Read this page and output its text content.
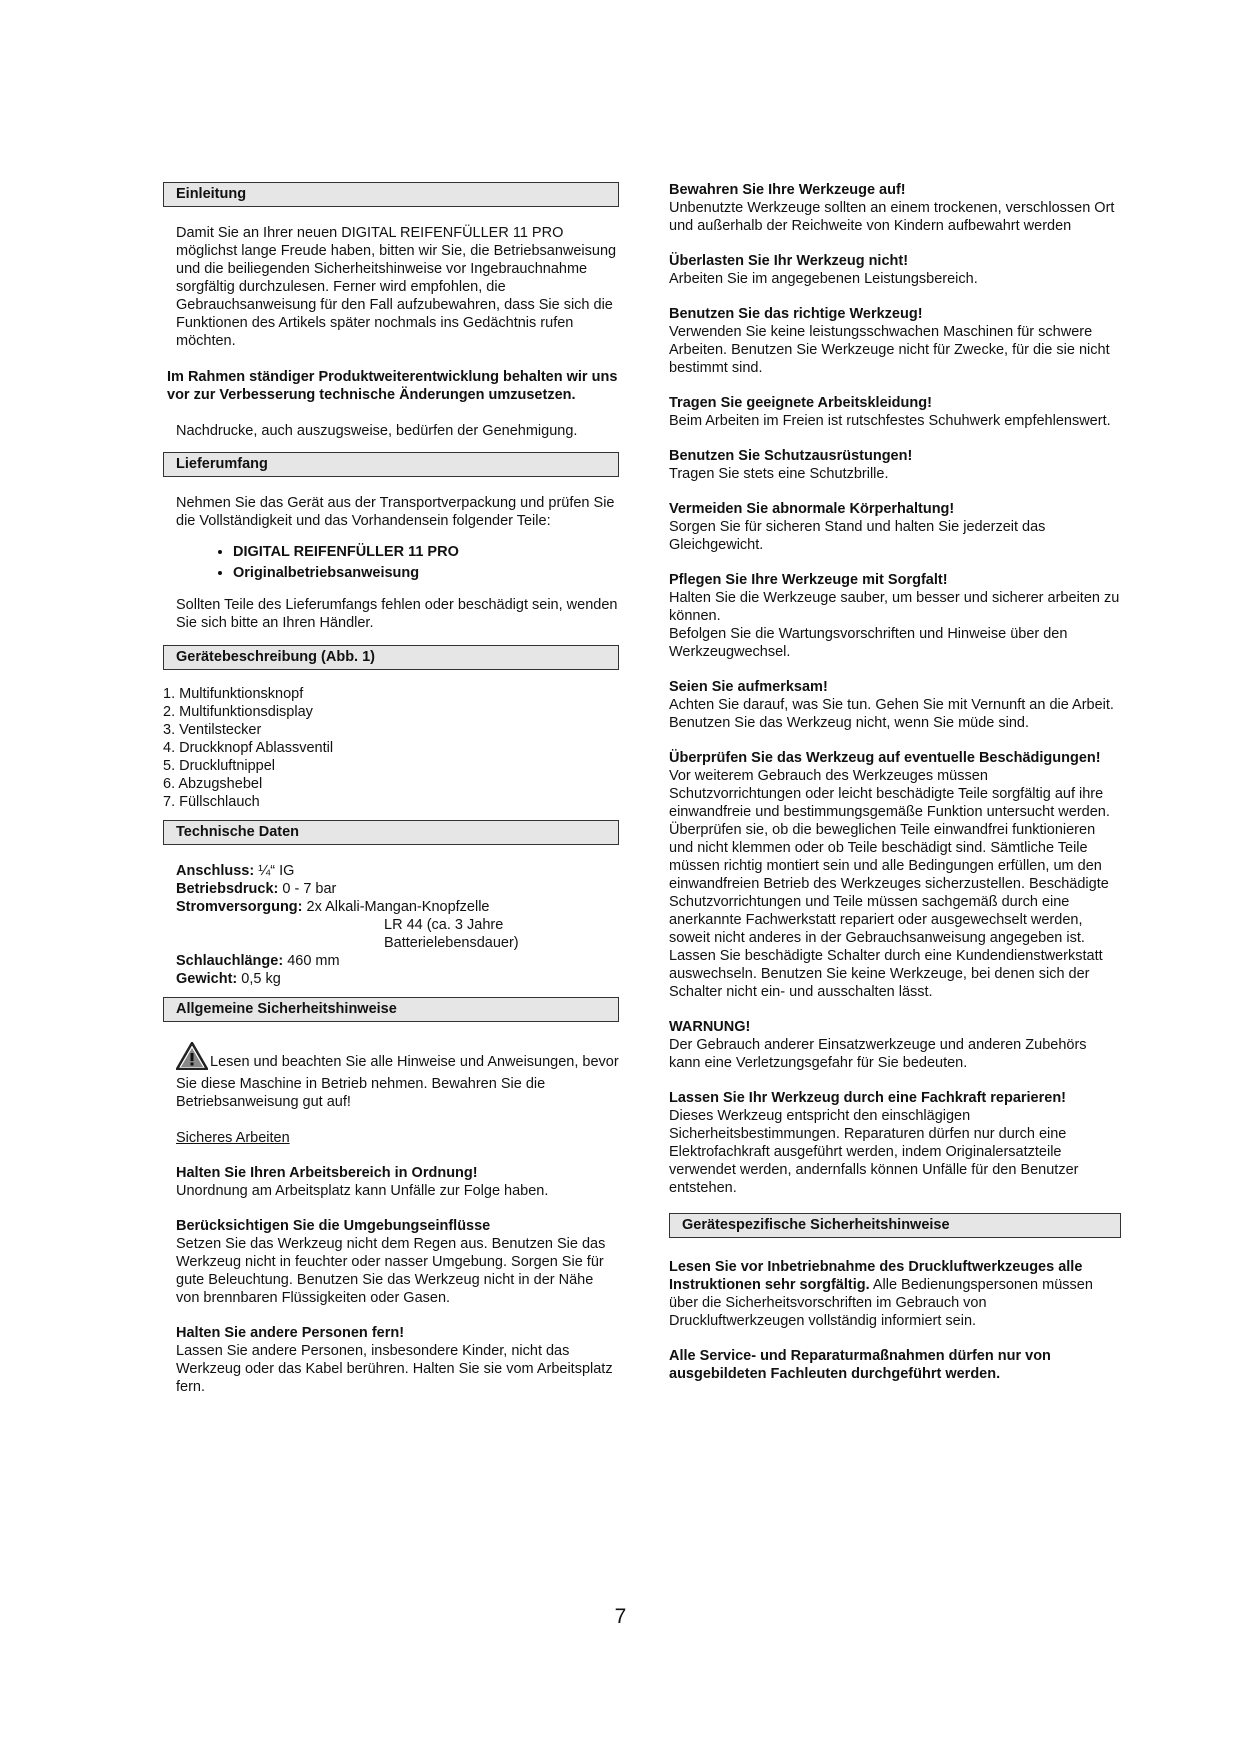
Einleitung

Damit Sie an Ihrer neuen DIGITAL REIFENFÜLLER 11 PRO möglichst lange Freude haben, bitten wir Sie, die Betriebsanweisung und die beiliegenden Sicherheitshinweise vor Ingebrauchnahme sorgfältig durchzulesen. Ferner wird empfohlen, die Gebrauchsanweisung für den Fall aufzubewahren, dass Sie sich die Funktionen des Artikels später nochmals ins Gedächtnis rufen möchten.

Im Rahmen ständiger Produktweiterentwicklung behalten wir uns vor zur Verbesserung technische Änderungen umzusetzen.

Nachdrucke, auch auszugsweise, bedürfen der Genehmigung.

Lieferumfang

Nehmen Sie das Gerät aus der Transportverpackung und prüfen Sie die Vollständigkeit und das Vorhandensein folgender Teile:

• DIGITAL REIFENFÜLLER 11 PRO
• Originalbetriebsanweisung

Sollten Teile des Lieferumfangs fehlen oder beschädigt sein, wenden Sie sich bitte an Ihren Händler.

Gerätebeschreibung (Abb. 1)
1. Multifunktionsknopf
2. Multifunktionsdisplay
3. Ventilstecker
4. Druckknopf Ablassventil
5. Druckluftnippel
6. Abzugshebel
7. Füllschlauch
Technische Daten
Anschluss: ¼“ IG
Betriebsdruck: 0 - 7 bar
Stromversorgung: 2x Alkali-Mangan-Knopfzelle
LR 44 (ca. 3 Jahre
Batterielebensdauer)
Schlauchlänge: 460 mm
Gewicht: 0,5 kg
Allgemeine Sicherheitshinweise
Lesen und beachten Sie alle Hinweise und Anweisungen, bevor Sie diese Maschine in Betrieb nehmen. Bewahren Sie die Betriebsanweisung gut auf!

Sicheres Arbeiten

Halten Sie Ihren Arbeitsbereich in Ordnung!

Unordnung am Arbeitsplatz kann Unfälle zur Folge haben.

Berücksichtigen Sie die Umgebungseinflüsse

Setzen Sie das Werkzeug nicht dem Regen aus. Benutzen Sie das Werkzeug nicht in feuchter oder nasser Umgebung. Sorgen Sie für gute Beleuchtung. Benutzen Sie das Werkzeug nicht in der Nähe von brennbaren Flüssigkeiten oder Gasen.

Halten Sie andere Personen fern!

Lassen Sie andere Personen, insbesondere Kinder, nicht das Werkzeug oder das Kabel berühren. Halten Sie sie vom Arbeitsplatz fern.

Bewahren Sie Ihre Werkzeuge auf!

Unbenutzte Werkzeuge sollten an einem trockenen, verschlossen Ort und außerhalb der Reichweite von Kindern aufbewahrt werden

Überlasten Sie Ihr Werkzeug nicht!

Arbeiten Sie im angegebenen Leistungsbereich.

Benutzen Sie das richtige Werkzeug!

Verwenden Sie keine leistungsschwachen Maschinen für schwere Arbeiten. Benutzen Sie Werkzeuge nicht für Zwecke, für die sie nicht bestimmt sind.

Tragen Sie geeignete Arbeitskleidung!

Beim Arbeiten im Freien ist rutschfestes Schuhwerk empfehlenswert.

Benutzen Sie Schutzausrüstungen!

Tragen Sie stets eine Schutzbrille.

Vermeiden Sie abnormale Körperhaltung!

Sorgen Sie für sicheren Stand und halten Sie jederzeit das Gleichgewicht.

Pflegen Sie Ihre Werkzeuge mit Sorgfalt!

Halten Sie die Werkzeuge sauber, um besser und sicherer arbeiten zu können.

Befolgen Sie die Wartungsvorschriften und Hinweise über den Werkzeugwechsel.

Seien Sie aufmerksam!

Achten Sie darauf, was Sie tun. Gehen Sie mit Vernunft an die Arbeit. Benutzen Sie das Werkzeug nicht, wenn Sie müde sind.

Überprüfen Sie das Werkzeug auf eventuelle Beschädigungen!

Vor weiterem Gebrauch des Werkzeuges müssen Schutzvorrichtungen oder leicht beschädigte Teile sorgfältig auf ihre einwandfreie und bestimmungsgemäße Funktion untersucht werden.

Überprüfen sie, ob die beweglichen Teile einwandfrei funktionieren und nicht klemmen oder ob Teile beschädigt sind. Sämtliche Teile müssen richtig montiert sein und alle Bedingungen erfüllen, um den einwandfreien Betrieb des Werkzeuges sicherzustellen. Beschädigte Schutzvorrichtungen und Teile müssen sachgemäß durch eine anerkannte Fachwerkstatt repariert oder ausgewechselt werden, soweit nicht anderes in der Gebrauchsanweisung angegeben ist. Lassen Sie beschädigte Schalter durch eine Kundendienstwerkstatt auswechseln. Benutzen Sie keine Werkzeuge, bei denen sich der Schalter nicht ein- und ausschalten lässt.

WARNUNG!

Der Gebrauch anderer Einsatzwerkzeuge und anderen Zubehörs kann eine Verletzungsgefahr für Sie bedeuten.

Lassen Sie Ihr Werkzeug durch eine Fachkraft reparieren!

Dieses Werkzeug entspricht den einschlägigen Sicherheitsbestimmungen. Reparaturen dürfen nur durch eine Elektrofachkraft ausgeführt werden, indem Originalersatzteile verwendet werden, andernfalls können Unfälle für den Benutzer entstehen.

Gerätespezifische Sicherheitshinweise

Lesen Sie vor Inbetriebnahme des Druckluftwerkzeuges alle Instruktionen sehr sorgfältig. Alle Bedienungspersonen müssen über die Sicherheitsvorschriften im Gebrauch von Druckluftwerkzeugen vollständig informiert sein.

Alle Service- und Reparaturmaßnahmen dürfen nur von ausgebildeten Fachleuten durchgeführt werden.

7
